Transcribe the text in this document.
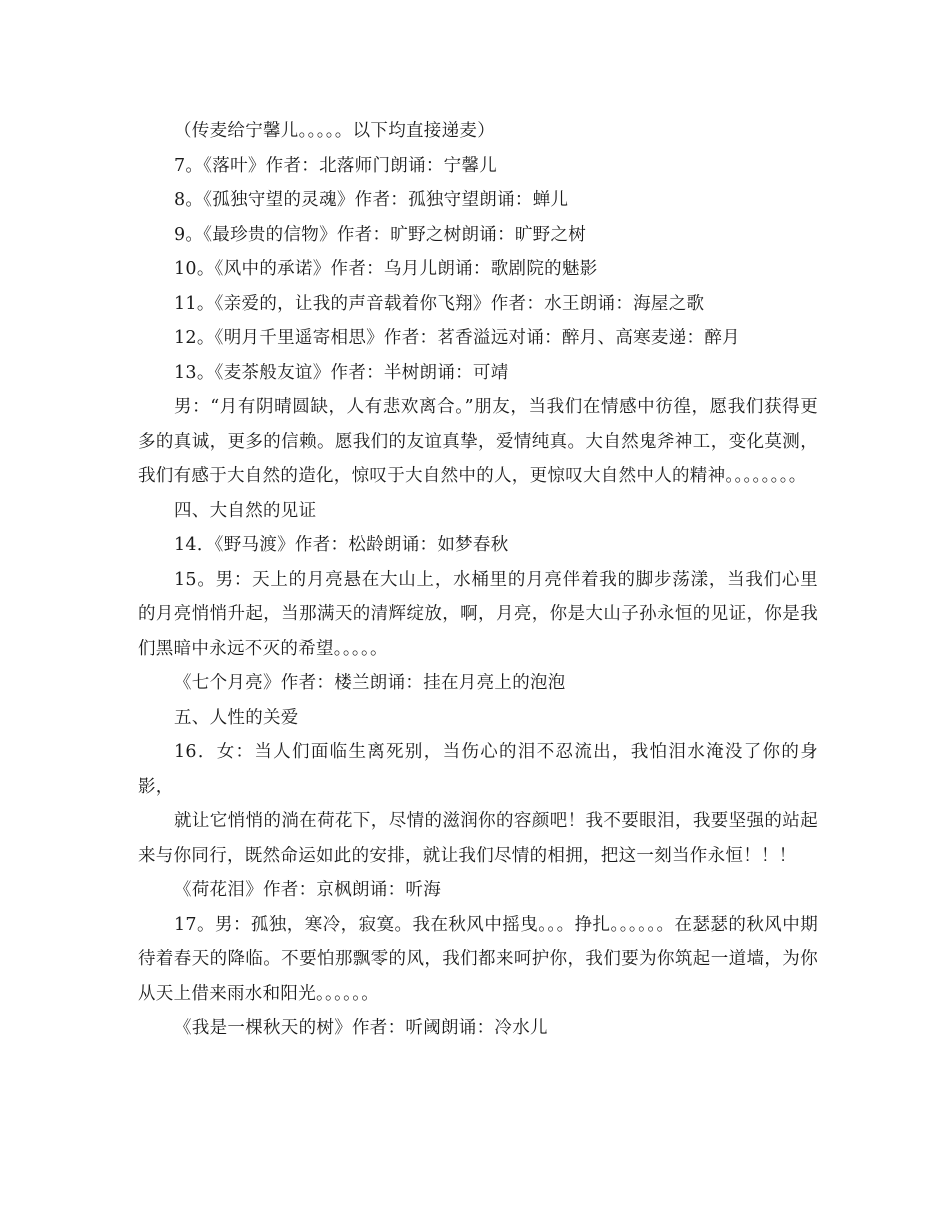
（传麦给宁馨儿。。。。。以下均直接递麦）

7。《落叶》作者：北落师门朗诵：宁馨儿

8。《孤独守望的灵魂》作者：孤独守望朗诵：蝉儿

9。《最珍贵的信物》作者：旷野之树朗诵：旷野之树

10。《风中的承诺》作者：乌月儿朗诵：歌剧院的魅影

11。《亲爱的，让我的声音载着你飞翔》作者：水王朗诵：海屋之歌

12。《明月千里遥寄相思》作者：茗香溢远对诵：醉月、高寒麦递：醉月

13。《麦茶般友谊》作者：半树朗诵：可靖

男：“月有阴晴圆缺，人有悲欢离合。”朋友，当我们在情感中彷徨，愿我们获得更多的真诚，更多的信赖。愿我们的友谊真挚，爱情纯真。大自然鬼斧神工，变化莫测，我们有感于大自然的造化，惊叹于大自然中的人，更惊叹大自然中人的精神。。。。。。。。

四、大自然的见证

14．《野马渡》作者：松龄朗诵：如梦春秋

15。男：天上的月亮悬在大山上，水桶里的月亮伴着我的脚步荡漾，当我们心里的月亮悄悄升起，当那满天的清辉绽放，啊，月亮，你是大山子孙永恒的见证，你是我们黑暗中永远不灭的希望。。。。。

《七个月亮》作者：楼兰朗诵：挂在月亮上的泡泡

五、人性的关爱

16．女：当人们面临生离死别，当伤心的泪不忍流出，我怕泪水淹没了你的身影，

就让它悄悄的淌在荷花下，尽情的滋润你的容颜吧！我不要眼泪，我要坚强的站起来与你同行，既然命运如此的安排，就让我们尽情的相拥，把这一刻当作永恒！！！

《荷花泪》作者：京枫朗诵：听海

17。男：孤独，寒冷，寂寞。我在秋风中摇曳。。。挣扎。。。。。。在瑟瑟的秋风中期待着春天的降临。不要怕那飘零的风，我们都来呵护你，我们要为你筑起一道墙，为你从天上借来雨水和阳光。。。。。。

《我是一棵秋天的树》作者：听阈朗诵：冷水儿
